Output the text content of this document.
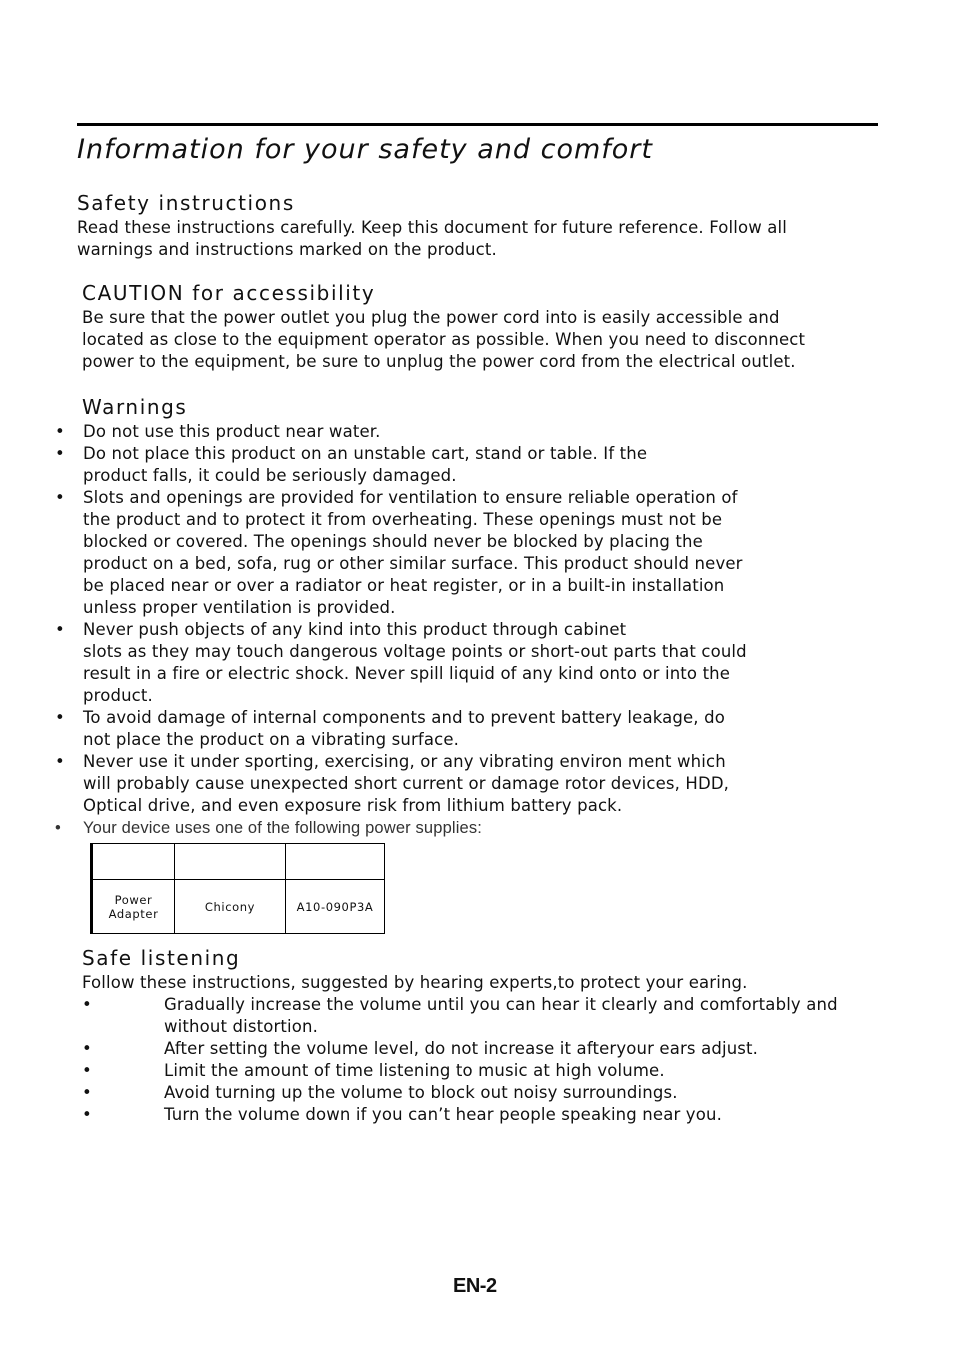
Information for your safety and comfort
Safety instructions

Read these instructions carefully. Keep this document for future reference. Follow all
warnings and instructions marked on the product.

CAUTION for accessibility

Be sure that the power outlet you plug the power cord into is easily accessible and
located as close to the equipment operator as possible. When you need to disconnect
power to the equipment, be sure to unplug the power cord from the electrical outlet.

Warnings
• Do not use this product near water.
• Do not place this product on an unstable cart, stand or table. If the
product falls, it could be seriously damaged.
• Slots and openings are provided for ventilation to ensure reliable operation of
the product and to protect it from overheating. These openings must not be
blocked or covered. The openings should never be blocked by placing the
product on a bed, sofa, rug or other similar surface. This product should never
be placed near or over a radiator or heat register, or in a built-in installation
unless proper ventilation is provided.
• Never push objects of any kind into this product through cabinet
slots as they may touch dangerous voltage points or short-out parts that could
result in a fire or electric shock. Never spill liquid of any kind onto or into the
product.
• To avoid damage of internal components and to prevent battery leakage, do
not place the product on a vibrating surface.
• Never use it under sporting, exercising, or any vibrating environ ment which
will probably cause unexpected short current or damage rotor devices, HDD,
Optical drive, and even exposure risk from lithium battery pack.
• Your device uses one of the following power supplies:

Power
Adapter	Chicony	A10-090P3A
Safe listening

Follow these instructions, suggested by hearing experts,to protect your earing.

•	Gradually increase the volume until you can hear it clearly and comfortably and
without distortion.
•	After setting the volume level, do not increase it afteryour ears adjust.
•	Limit the amount of time listening to music at high volume.
•	Avoid turning up the volume to block out noisy surroundings.
•	Turn the volume down if you can’t hear people speaking near you.
EN-2
